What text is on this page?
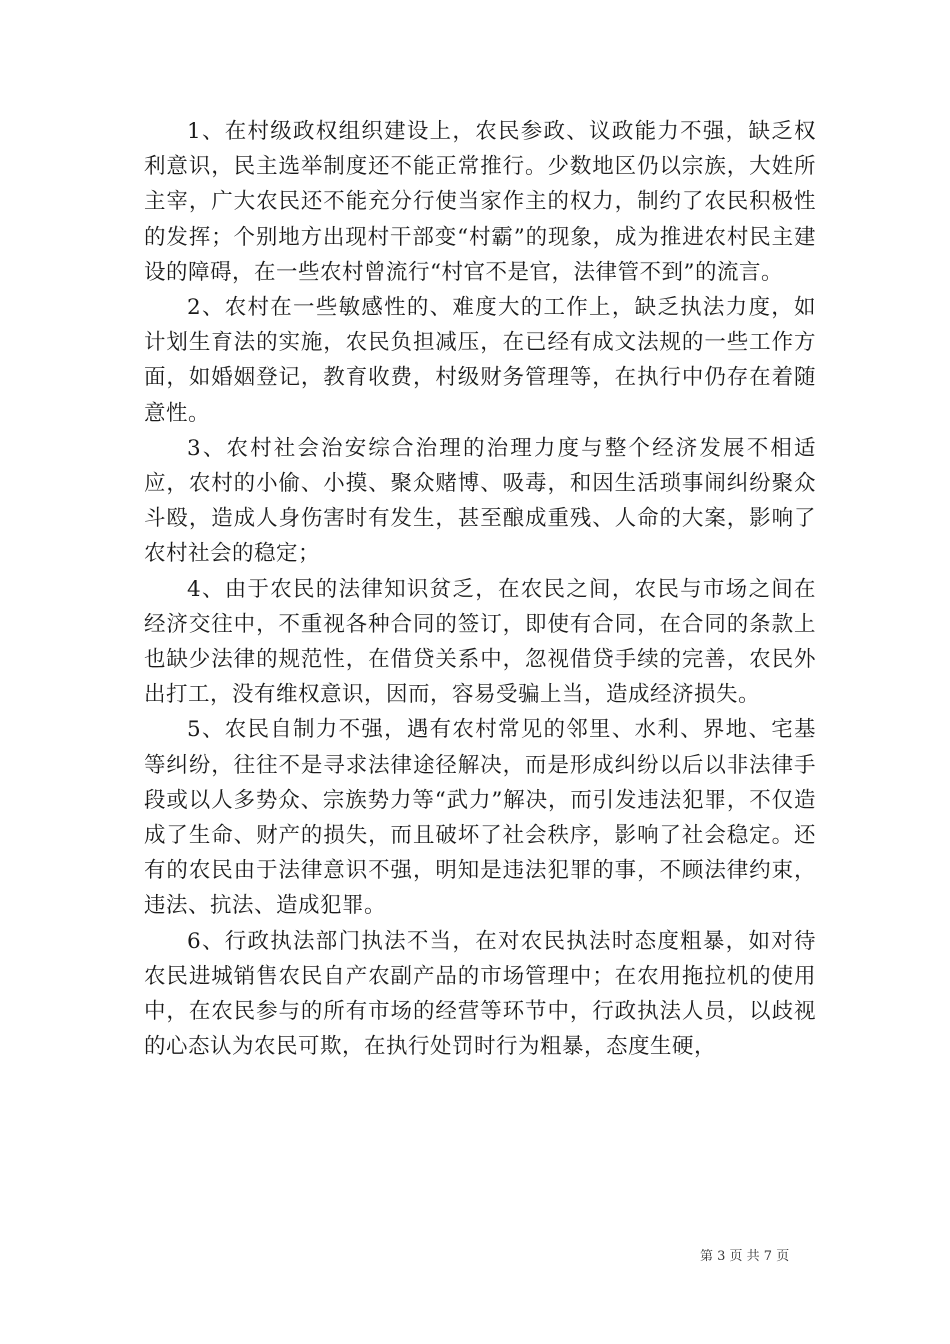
1、在村级政权组织建设上，农民参政、议政能力不强，缺乏权利意识，民主选举制度还不能正常推行。少数地区仍以宗族，大姓所主宰，广大农民还不能充分行使当家作主的权力，制约了农民积极性的发挥；个别地方出现村干部变“村霸”的现象，成为推进农村民主建设的障碍，在一些农村曾流行“村官不是官，法律管不到”的流言。

2、农村在一些敏感性的、难度大的工作上，缺乏执法力度，如计划生育法的实施，农民负担减压，在已经有成文法规的一些工作方面，如婚姻登记，教育收费，村级财务管理等，在执行中仍存在着随意性。

3、农村社会治安综合治理的治理力度与整个经济发展不相适应，农村的小偷、小摸、聚众赌博、吸毒，和因生活琐事闹纠纷聚众斗殴，造成人身伤害时有发生，甚至酿成重残、人命的大案，影响了农村社会的稳定；

4、由于农民的法律知识贫乏，在农民之间，农民与市场之间在经济交往中，不重视各种合同的签订，即使有合同，在合同的条款上也缺少法律的规范性，在借贷关系中，忽视借贷手续的完善，农民外出打工，没有维权意识，因而，容易受骗上当，造成经济损失。

5、农民自制力不强，遇有农村常见的邻里、水利、界地、宅基等纠纷，往往不是寻求法律途径解决，而是形成纠纷以后以非法律手段或以人多势众、宗族势力等“武力”解决，而引发违法犯罪，不仅造成了生命、财产的损失，而且破坏了社会秩序，影响了社会稳定。还有的农民由于法律意识不强，明知是违法犯罪的事，不顾法律约束，违法、抗法、造成犯罪。

6、行政执法部门执法不当，在对农民执法时态度粗暴，如对待农民进城销售农民自产农副产品的市场管理中；在农用拖拉机的使用中，在农民参与的所有市场的经营等环节中，行政执法人员，以歧视的心态认为农民可欺，在执行处罚时行为粗暴，态度生硬，

第 3 页 共 7 页
